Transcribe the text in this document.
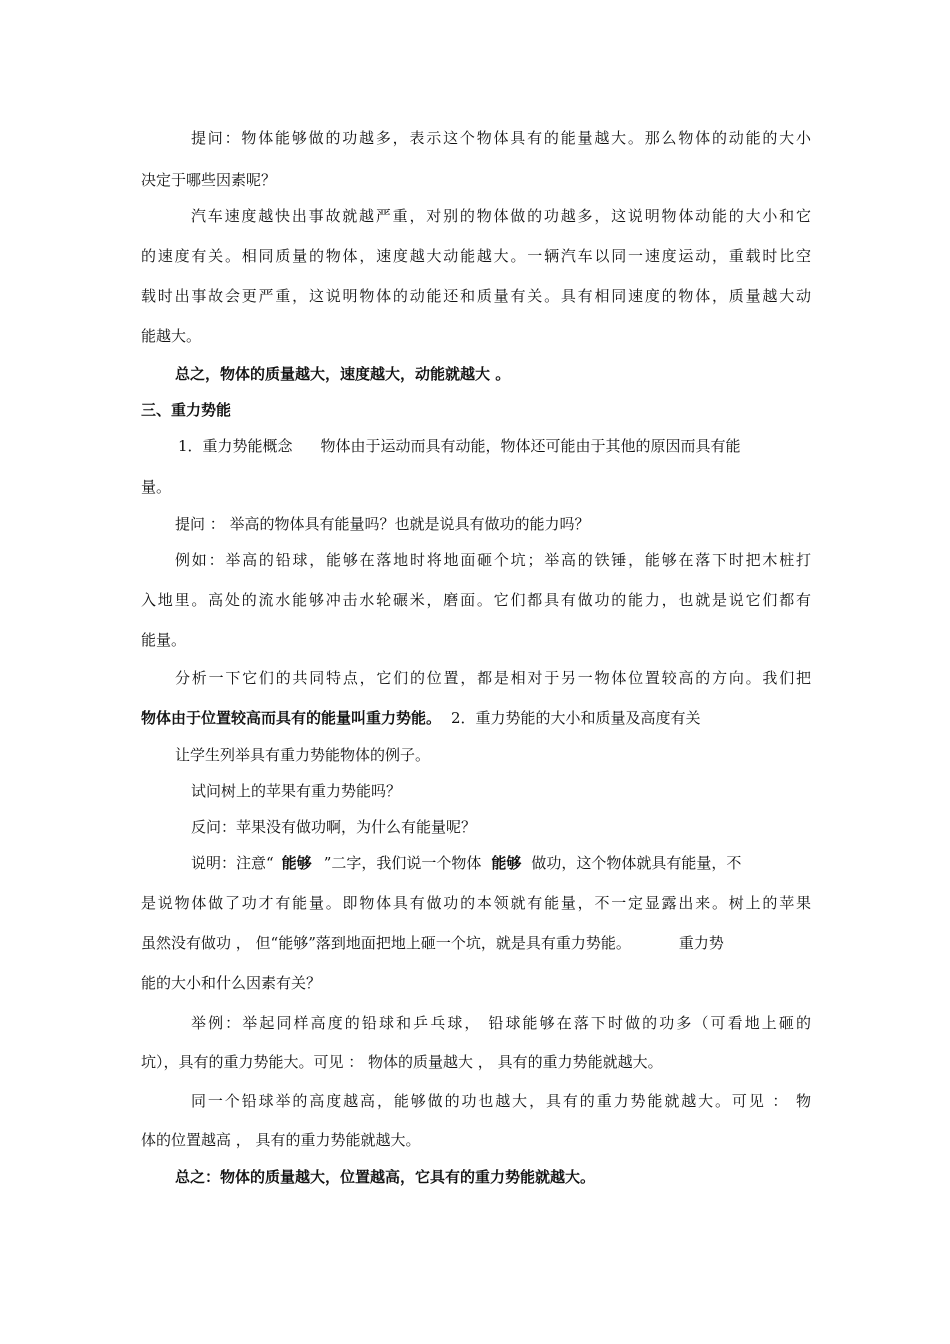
提问：物体能够做的功越多，表示这个物体具有的能量越大。那么物体的动能的大小
决定于哪些因素呢？
汽车速度越快出事故就越严重，对别的物体做的功越多，这说明物体动能的大小和它
的速度有关。相同质量的物体，速度越大动能越大。一辆汽车以同一速度运动，重载时比空
载时出事故会更严重，这说明物体的动能还和质量有关。具有相同速度的物体，质量越大动
能越大。
总之，物体的质量越大，速度越大，动能就越大 。
三、重力势能
1．重力势能概念 物体由于运动而具有动能，物体还可能由于其他的原因而具有能
量。
提问 ： 举高的物体具有能量吗？也就是说具有做功的能力吗？
例如：举高的铅球，能够在落地时将地面砸个坑；举高的铁锤，能够在落下时把木桩打
入地里。高处的流水能够冲击水轮碾米，磨面。它们都具有做功的能力，也就是说它们都有
能量。
分析一下它们的共同特点，它们的位置，都是相对于另一物体位置较高的方向。我们把
物体由于位置较高而具有的能量叫重力势能。 2．重力势能的大小和质量及高度有关
让学生列举具有重力势能物体的例子。
试问树上的苹果有重力势能吗？
反问：苹果没有做功啊，为什么有能量呢？
说明：注意“ 能够 ”二字，我们说一个物体 能够 做功，这个物体就具有能量，不
是说物体做了功才有能量。即物体具有做功的本领就有能量，不一定显露出来。树上的苹果
虽然没有做功 ， 但“能够”落到地面把地上砸一个坑，就是具有重力势能。	重力势
能的大小和什么因素有关？
举例：举起同样高度的铅球和乒乓球， 铅球能够在落下时做的功多（可看地上砸的
坑），具有的重力势能大。可见 ： 物体的质量越大 ， 具有的重力势能就越大。
同一个铅球举的高度越高，能够做的功也越大，具有的重力势能就越大。可见 ： 物
体的位置越高 ， 具有的重力势能就越大。
总之：物体的质量越大，位置越高，它具有的重力势能就越大。
